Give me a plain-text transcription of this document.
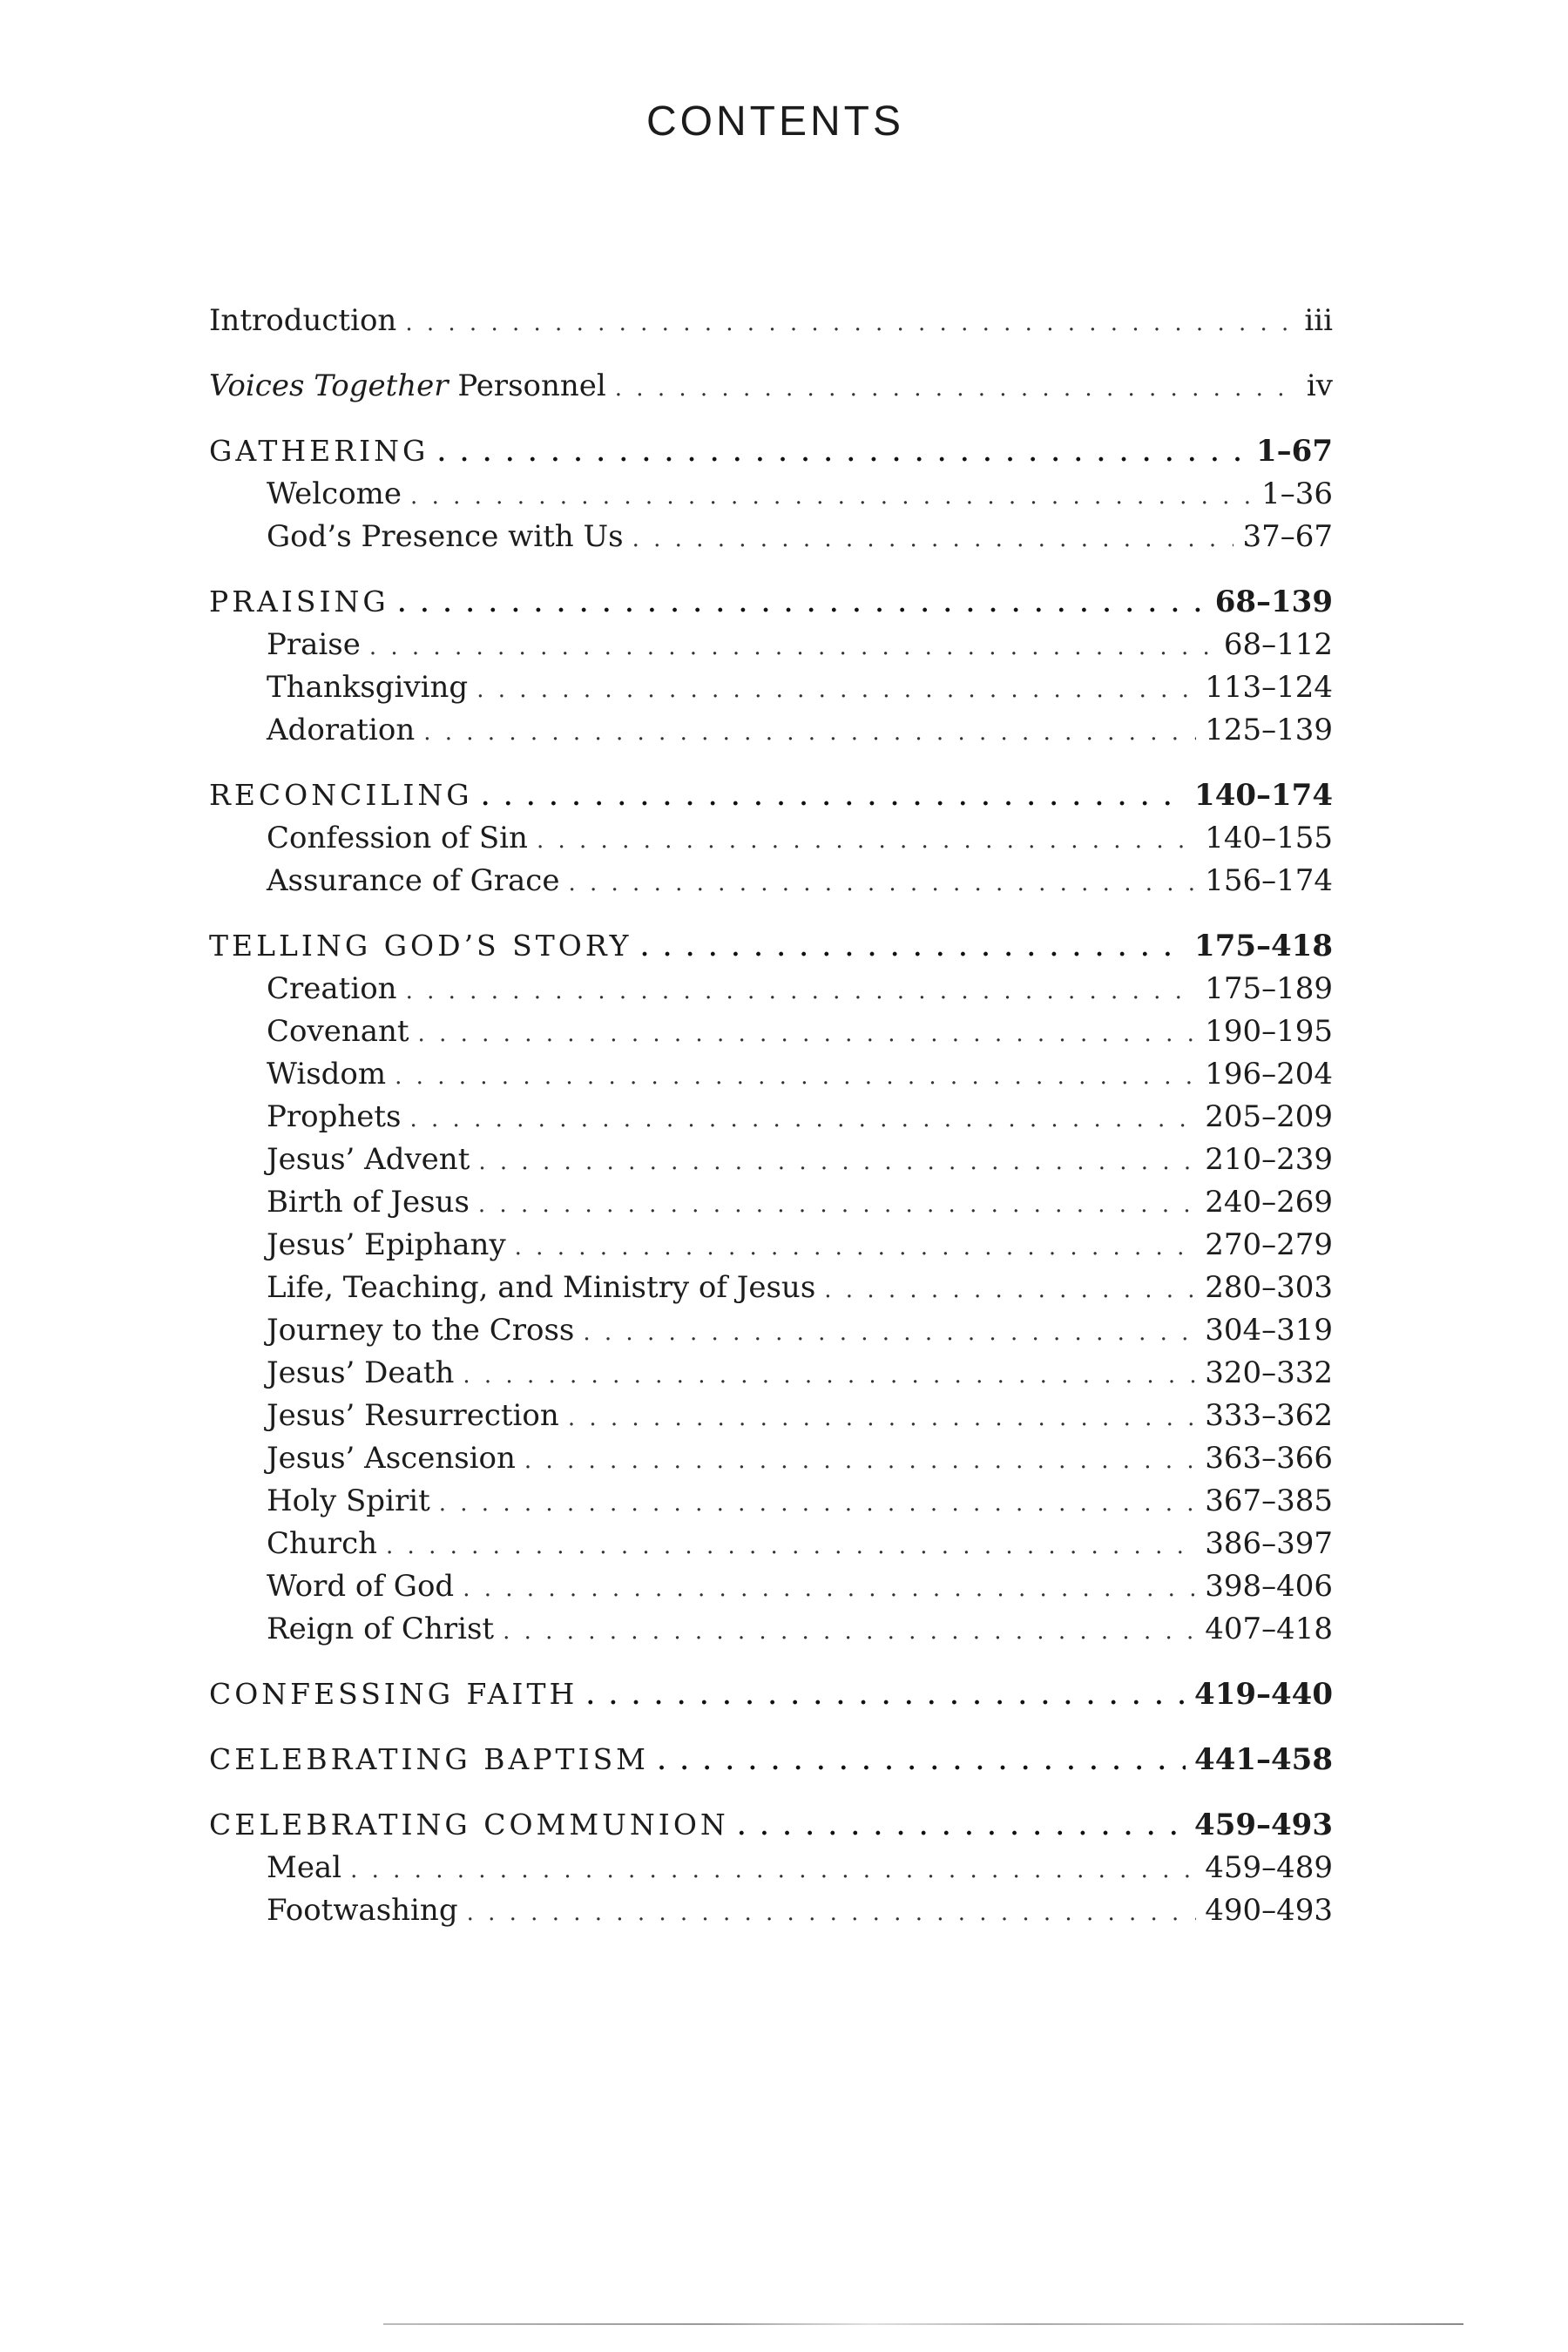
CONTENTS
Introduction . . .	iii
Voices Together Personnel . . .	iv
GATHERING . . .	1–67
Welcome . . .	1–36
God’s Presence with Us . . .	37–67
PRAISING . . .	68–139
Praise . . .	68–112
Thanksgiving . . .	113–124
Adoration . . .	125–139
RECONCILING . . .	140–174
Confession of Sin . . .	140–155
Assurance of Grace . . .	156–174
TELLING GOD’S STORY . . .	175–418
Creation . . .	175–189
Covenant . . .	190–195
Wisdom . . .	196–204
Prophets . . .	205–209
Jesus’ Advent . . .	210–239
Birth of Jesus . . .	240–269
Jesus’ Epiphany . . .	270–279
Life, Teaching, and Ministry of Jesus . . .	280–303
Journey to the Cross . . .	304–319
Jesus’ Death . . .	320–332
Jesus’ Resurrection . . .	333–362
Jesus’ Ascension . . .	363–366
Holy Spirit . . .	367–385
Church . . .	386–397
Word of God . . .	398–406
Reign of Christ . . .	407–418
CONFESSING FAITH . . .	419–440
CELEBRATING BAPTISM . . .	441–458
CELEBRATING COMMUNION . . .	459–493
Meal . . .	459–489
Footwashing . . .	490–493
